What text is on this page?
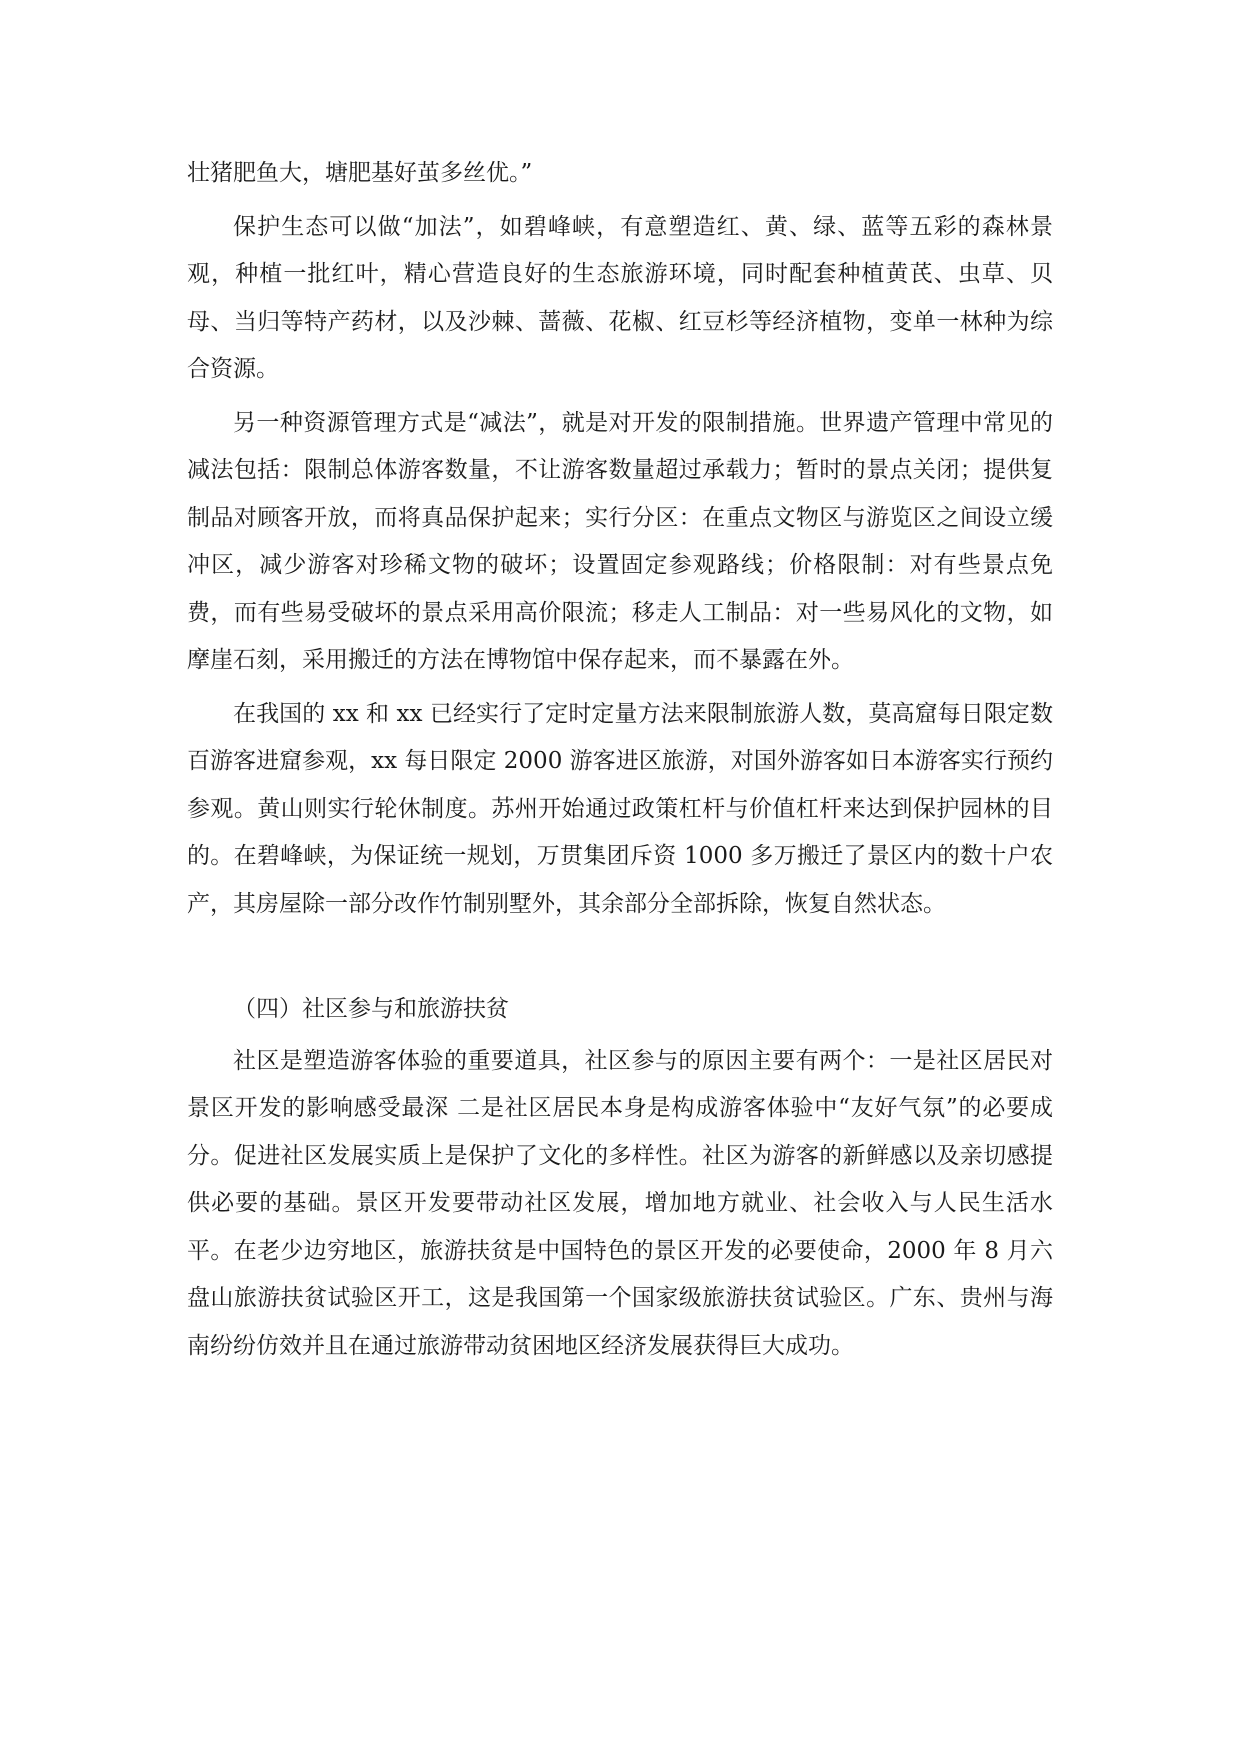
壮猪肥鱼大，塘肥基好茧多丝优。”

保护生态可以做“加法”，如碧峰峡，有意塑造红、黄、绿、蓝等五彩的森林景观，种植一批红叶，精心营造良好的生态旅游环境，同时配套种植黄芪、虫草、贝母、当归等特产药材，以及沙棘、蔷薇、花椒、红豆杉等经济植物，变单一林种为综合资源。

另一种资源管理方式是“减法”，就是对开发的限制措施。世界遗产管理中常见的减法包括：限制总体游客数量，不让游客数量超过承载力；暂时的景点关闭；提供复制品对顾客开放，而将真品保护起来；实行分区：在重点文物区与游览区之间设立缓冲区，减少游客对珍稀文物的破坏；设置固定参观路线；价格限制：对有些景点免费，而有些易受破坏的景点采用高价限流；移走人工制品：对一些易风化的文物，如摩崖石刻，采用搬迁的方法在博物馆中保存起来，而不暴露在外。

在我国的 xx 和 xx 已经实行了定时定量方法来限制旅游人数，莫高窟每日限定数百游客进窟参观，xx 每日限定 2000 游客进区旅游，对国外游客如日本游客实行预约参观。黄山则实行轮休制度。苏州开始通过政策杠杆与价值杠杆来达到保护园林的目的。在碧峰峡，为保证统一规划，万贯集团斥资 1000 多万搬迁了景区内的数十户农产，其房屋除一部分改作竹制别墅外，其余部分全部拆除，恢复自然状态。

（四）社区参与和旅游扶贫

社区是塑造游客体验的重要道具，社区参与的原因主要有两个：一是社区居民对景区开发的影响感受最深 二是社区居民本身是构成游客体验中“友好气氛”的必要成分。促进社区发展实质上是保护了文化的多样性。社区为游客的新鲜感以及亲切感提供必要的基础。景区开发要带动社区发展，增加地方就业、社会收入与人民生活水平。在老少边穷地区，旅游扶贫是中国特色的景区开发的必要使命，2000 年 8 月六盘山旅游扶贫试验区开工，这是我国第一个国家级旅游扶贫试验区。广东、贵州与海南纷纷仿效并且在通过旅游带动贫困地区经济发展获得巨大成功。
